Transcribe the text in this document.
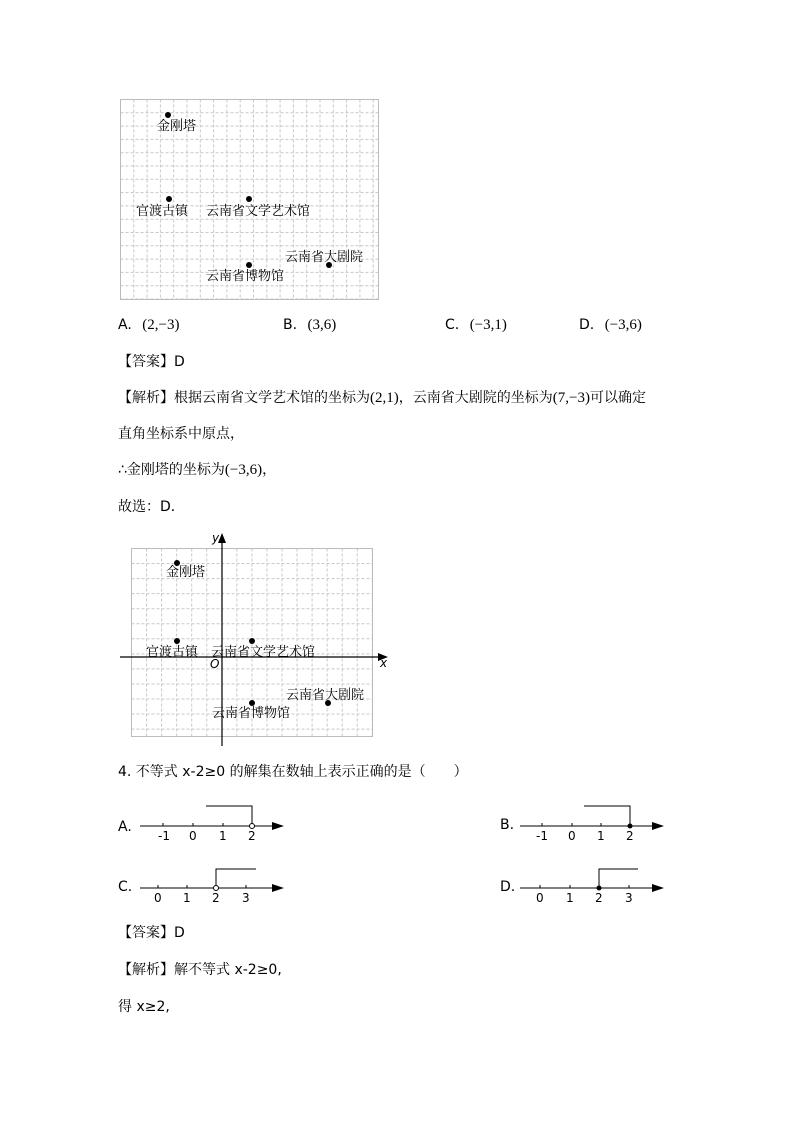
金刚塔
官渡古镇 云南省文学艺术馆
云南省大剧院
云南省博物馆
A. (2,−3)	B. (3,6)	C. (−3,1)	D. (−3,6)
【答案】D
【解析】根据云南省文学艺术馆的坐标为(2,1)，云南省大剧院的坐标为(7,−3)可以确定
直角坐标系中原点，
∴金刚塔的坐标为(−3,6)，
故选：D．
y
x
O
金刚塔
官渡古镇 云南省文学艺术馆
云南省大剧院
云南省博物馆
4. 不等式 x-2≥0 的解集在数轴上表示正确的是（　　）
A.
-1 0 1 2
B.
-1 0 1 2
C.
0 1 2 3
D.
0 1 2 3
【答案】D
【解析】解不等式 x-2≥0,
得 x≥2,
